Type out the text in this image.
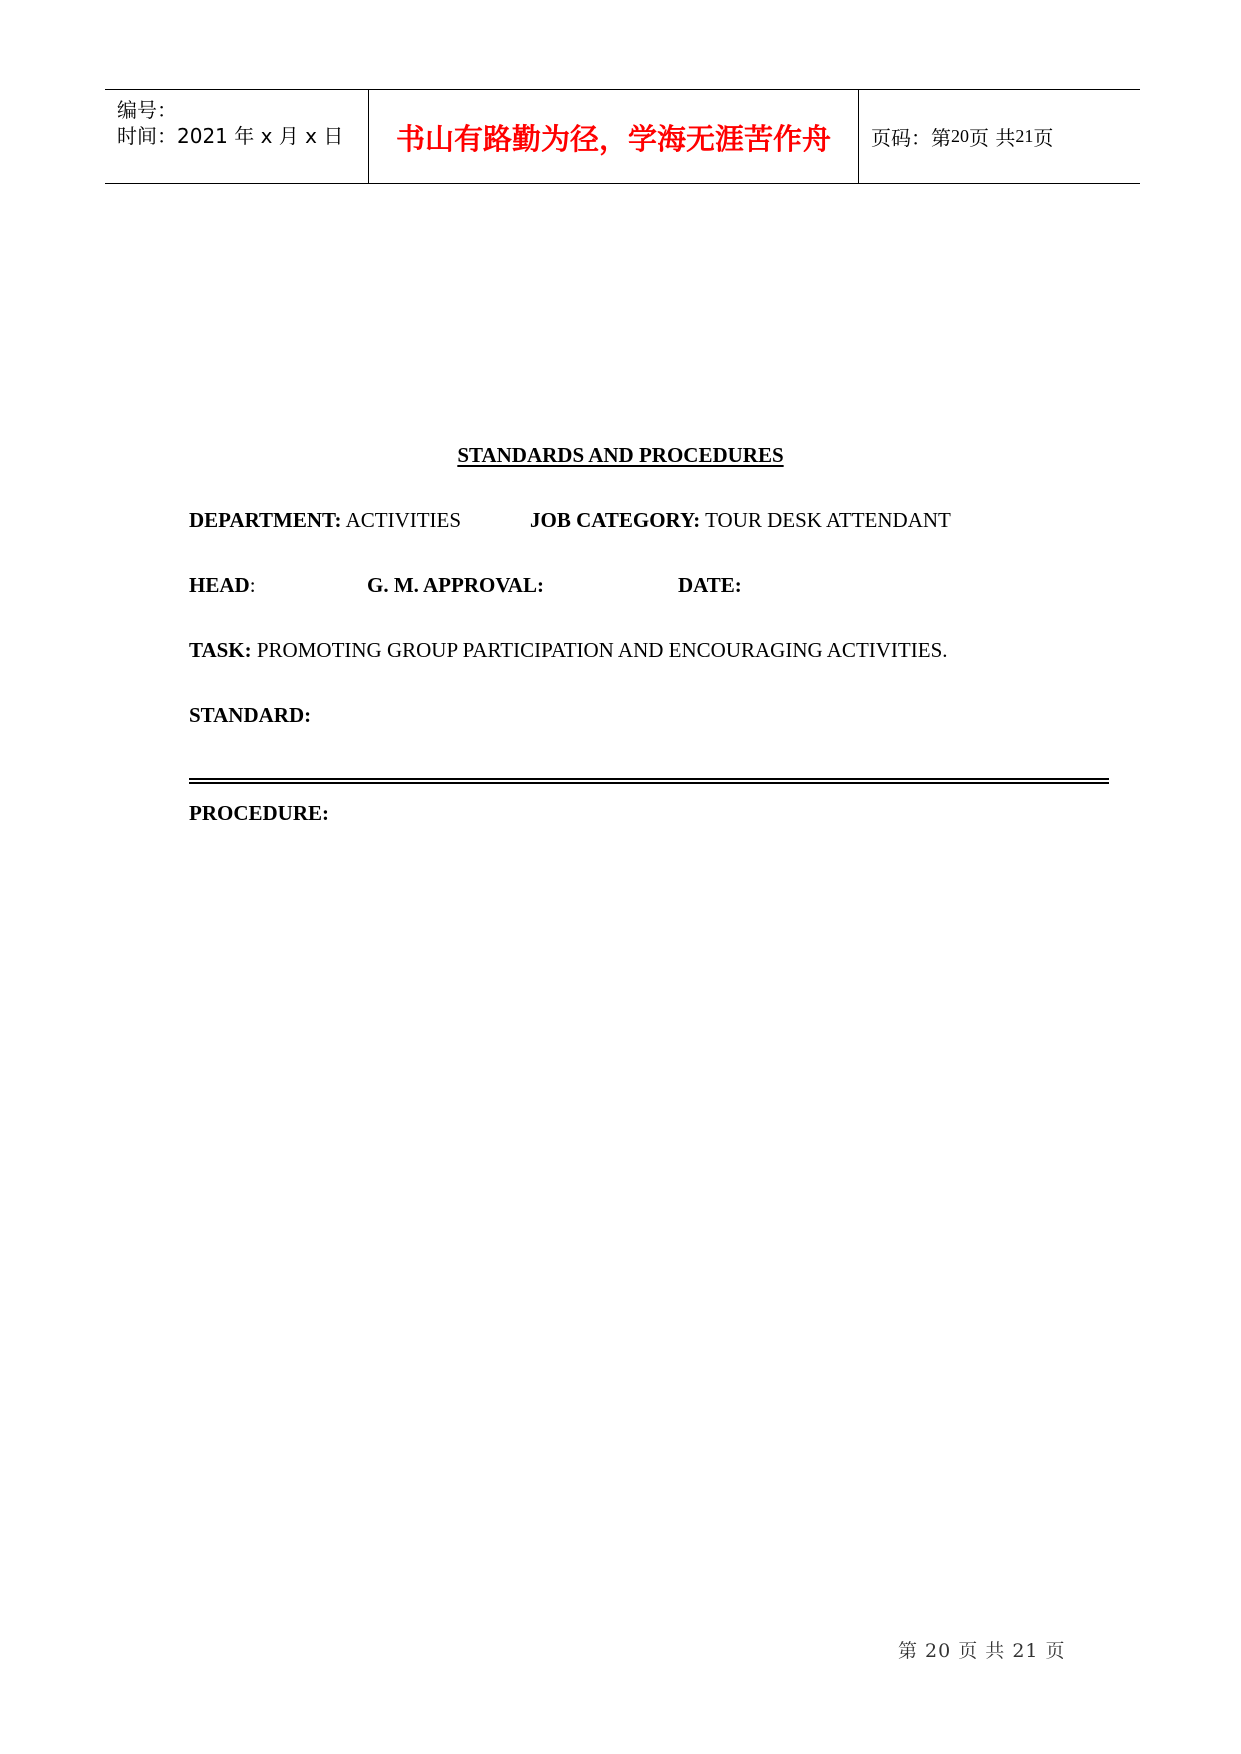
编号：
时间：2021 年 x 月 x 日 书山有路勤为径，学海无涯苦作舟 页码：第 20 页 共 21 页
STANDARDS AND PROCEDURES
DEPARTMENT: ACTIVITIES	JOB CATEGORY: TOUR DESK ATTENDANT
HEAD:	G. M. APPROVAL:	DATE:
TASK: PROMOTING GROUP PARTICIPATION AND ENCOURAGING ACTIVITIES.
STANDARD:
PROCEDURE:
第 20 页 共 21 页
